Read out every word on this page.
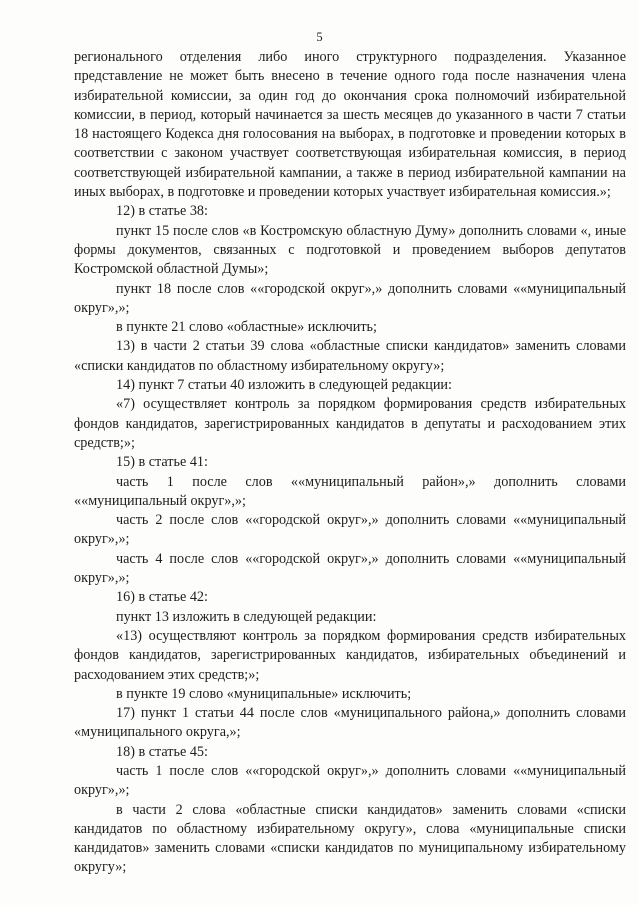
5

регионального отделения либо иного структурного подразделения. Указанное представление не может быть внесено в течение одного года после назначения члена избирательной комиссии, за один год до окончания срока полномочий избирательной комиссии, в период, который начинается за шесть месяцев до указанного в части 7 статьи 18 настоящего Кодекса дня голосования на выборах, в подготовке и проведении которых в соответствии с законом участвует соответствующая избирательная комиссия, в период соответствующей избирательной кампании, а также в период избирательной кампании на иных выборах, в подготовке и проведении которых участвует избирательная комиссия.»;

12) в статье 38:

пункт 15 после слов «в Костромскую областную Думу» дополнить словами «, иные формы документов, связанных с подготовкой и проведением выборов депутатов Костромской областной Думы»;

пункт 18 после слов ««городской округ»,» дополнить словами ««муниципальный округ»,»;

в пункте 21 слово «областные» исключить;

13) в части 2 статьи 39 слова «областные списки кандидатов» заменить словами «списки кандидатов по областному избирательному округу»;

14) пункт 7 статьи 40 изложить в следующей редакции:

«7) осуществляет контроль за порядком формирования средств избирательных фондов кандидатов, зарегистрированных кандидатов в депутаты и расходованием этих средств;»;

15) в статье 41:

часть 1 после слов ««муниципальный район»,» дополнить словами ««муниципальный округ»,»;

часть 2 после слов ««городской округ»,» дополнить словами ««муниципальный округ»,»;

часть 4 после слов ««городской округ»,» дополнить словами ««муниципальный округ»,»;

16) в статье 42:

пункт 13 изложить в следующей редакции:

«13) осуществляют контроль за порядком формирования средств избирательных фондов кандидатов, зарегистрированных кандидатов, избирательных объединений и расходованием этих средств;»;

в пункте 19 слово «муниципальные» исключить;

17) пункт 1 статьи 44 после слов «муниципального района,» дополнить словами «муниципального округа,»;

18) в статье 45:

часть 1 после слов ««городской округ»,» дополнить словами ««муниципальный округ»,»;

в части 2 слова «областные списки кандидатов» заменить словами «списки кандидатов по областному избирательному округу», слова «муниципальные списки кандидатов» заменить словами «списки кандидатов по муниципальному избирательному округу»;
